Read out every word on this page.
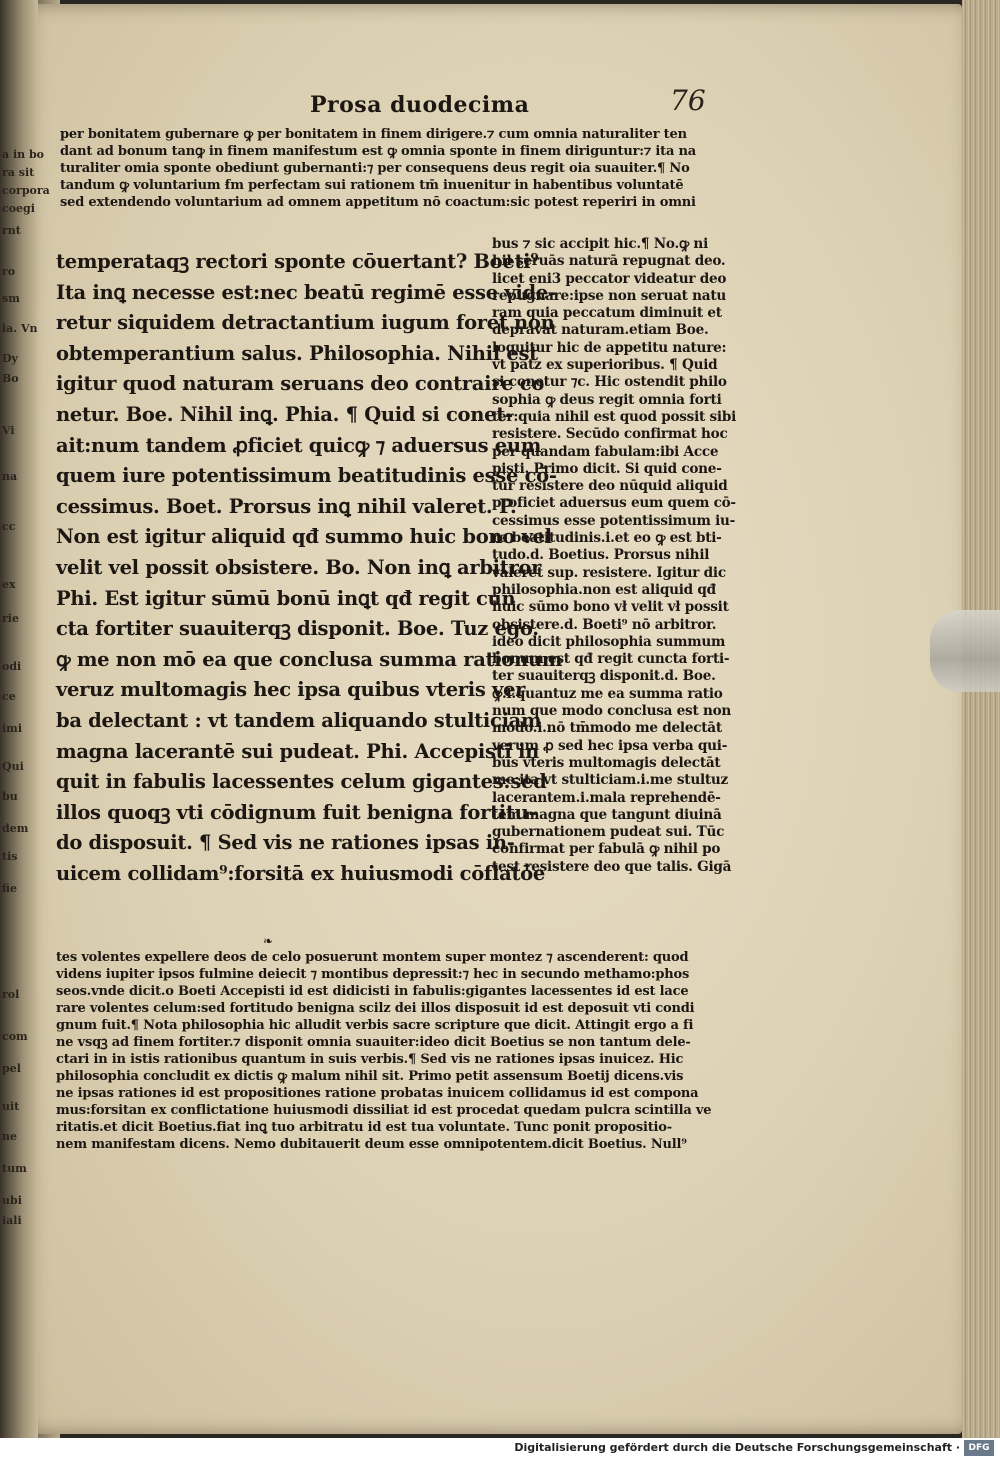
Prosa duodecima	76
per bonitatem gubernare ꝙ per bonitatem in finem dirigere.⁊ cum omnia naturaliter ten
dant ad bonum tanꝙ in finem manifestum est ꝙ omnia sponte in finem diriguntur:⁊ ita na
turaliter omia sponte obediunt gubernanti:⁊ per consequens deus regit oia suauiter.¶ No
tandum ꝙ voluntarium ẜm perfectam sui rationem tm̄ inuenitur in habentibus voluntatē
sed extendendo voluntarium ad omnem appetitum nō coactum:sic potest reperiri in omni
temperataqꝫ rectori sponte cōuertant? Boeti⁹
Ita inꝗ necesse est:nec beatū regimē esse vide-
retur siquidem detractantium iugum foret non
obtemperantium salus. Philosophia. Nihil est
igitur quod naturam seruans deo contraire co
netur. Boe. Nihil inꝗ. Phia. ¶ Quid si conet-
ait:num tandem ꝓficiet quicꝙ ⁊ aduersus eum
quem iure potentissimum beatitudinis esse cō-
cessimus. Boet. Prorsus inꝗ nihil valeret. P.
Non est igitur aliquid qđ summo huic bono vel
velit vel possit obsistere. Bo. Non inꝗ arbitror
Phi. Est igitur sūmū bonū inꝗt qđ regit cun
cta fortiter suauiterqꝫ disponit. Boe. Tuz ego.
ꝙ me non mō ea que conclusa summa rationum
veruz multomagis hec ipsa quibus vteris ver
ba delectant : vt tandem aliquando stulticiam
magna lacerantē sui pudeat. Phi. Accepisti in
quit in fabulis lacessentes celum gigantes:sed
illos quoqꝫ vti cōdignum fuit benigna fortitu-
do disposuit. ¶ Sed vis ne rationes ipsas in-
uicem collidam⁹:forsitā ex huiusmodi cōflatōe
bus ⁊ sic accipit hic.¶ No.ꝙ ni
hil seruās naturā repugnat deo.
licet eni3 peccator videatur deo
repugnare:ipse non seruat natu
ram quia peccatum diminuit et
depravat naturam.etiam Boe.
loquitur hic de appetitu nature:
vt patz ex superioribus. ¶ Quid
si conetur ⁊c. Hic ostendit philo
sophia ꝙ deus regit omnia forti
ter:quia nihil est quod possit sibi
resistere. Secūdo confirmat hoc
per quandam fabulam:ibi Acce
pisti. Primo dicit. Si quid cone-
tur resistere deo nūquid aliquid
proficiet aduersus eum quem cō-
cessimus esse potentissimum iu-
re beatitudinis.i.et eo ꝙ est bti-
tudo.d. Boetius. Prorsus nihil
valeret sup. resistere. Igitur dic
philosophia.non est aliquid qđ
huic sūmo bono vł velit vł possit
obsistere.d. Boeti⁹ nō arbitror.
ideo dicit philosophia summum
bonum est qđ regit cuncta forti-
ter suauiterqꝫ disponit.d. Boe.
ꝙ.i.quantuz me ea summa ratio
num que modo conclusa est non
modo.i.nō tm̄modo me delectāt
verum ꝓ sed hec ipsa verba qui-
bus vteris multomagis delectāt
me:ita vt stulticiam.i.me stultuz
lacerantem.i.mala reprehendē-
tem magna que tangunt diuinā
gubernationem pudeat sui. Tūc
confirmat per fabulā ꝙ nihil po
test resistere deo que talis. Gigā
❧
tes volentes expellere deos de celo posuerunt montem super montez ⁊ ascenderent: quod
videns iupiter ipsos fulmine deiecit ⁊ montibus depressit:⁊ hec in secundo methamo:phos
seos.vnde dicit.o Boeti Accepisti id est didicisti in fabulis:gigantes lacessentes id est lace
rare volentes celum:sed fortitudo benigna scilz dei illos disposuit id est deposuit vti condi
gnum fuit.¶ Nota philosophia hic alludit verbis sacre scripture que dicit. Attingit ergo a fi
ne vsqꝫ ad finem fortiter.⁊ disponit omnia suauiter:ideo dicit Boetius se non tantum dele-
ctari in in istis rationibus quantum in suis verbis.¶ Sed vis ne rationes ipsas inuicez. Hic
philosophia concludit ex dictis ꝙ malum nihil sit. Primo petit assensum Boetij dicens.vis
ne ipsas rationes id est propositiones ratione probatas inuicem collidamus id est compona
mus:forsitan ex conflictatione huiusmodi dissiliat id est procedat quedam pulcra scintilla ve
ritatis.et dicit Boetius.fiat inꝗ tuo arbitratu id est tua voluntate. Tunc ponit propositio-
nem manifestam dicens. Nemo dubitauerit deum esse omnipotentem.dicit Boetius. Null⁹
a in bo
ra sit
corpora
coegi
rnt
ro
sm
ia. Vn
Dy
Bo
Vi
na
cc
ex
rie
odi
ce
imi
Qui
bu
dem
tis
fie
rol
com
pel
uit
ne
tum
ubi
iali
Digitalisierung gefördert durch die Deutsche Forschungsgemeinschaft · DFG
